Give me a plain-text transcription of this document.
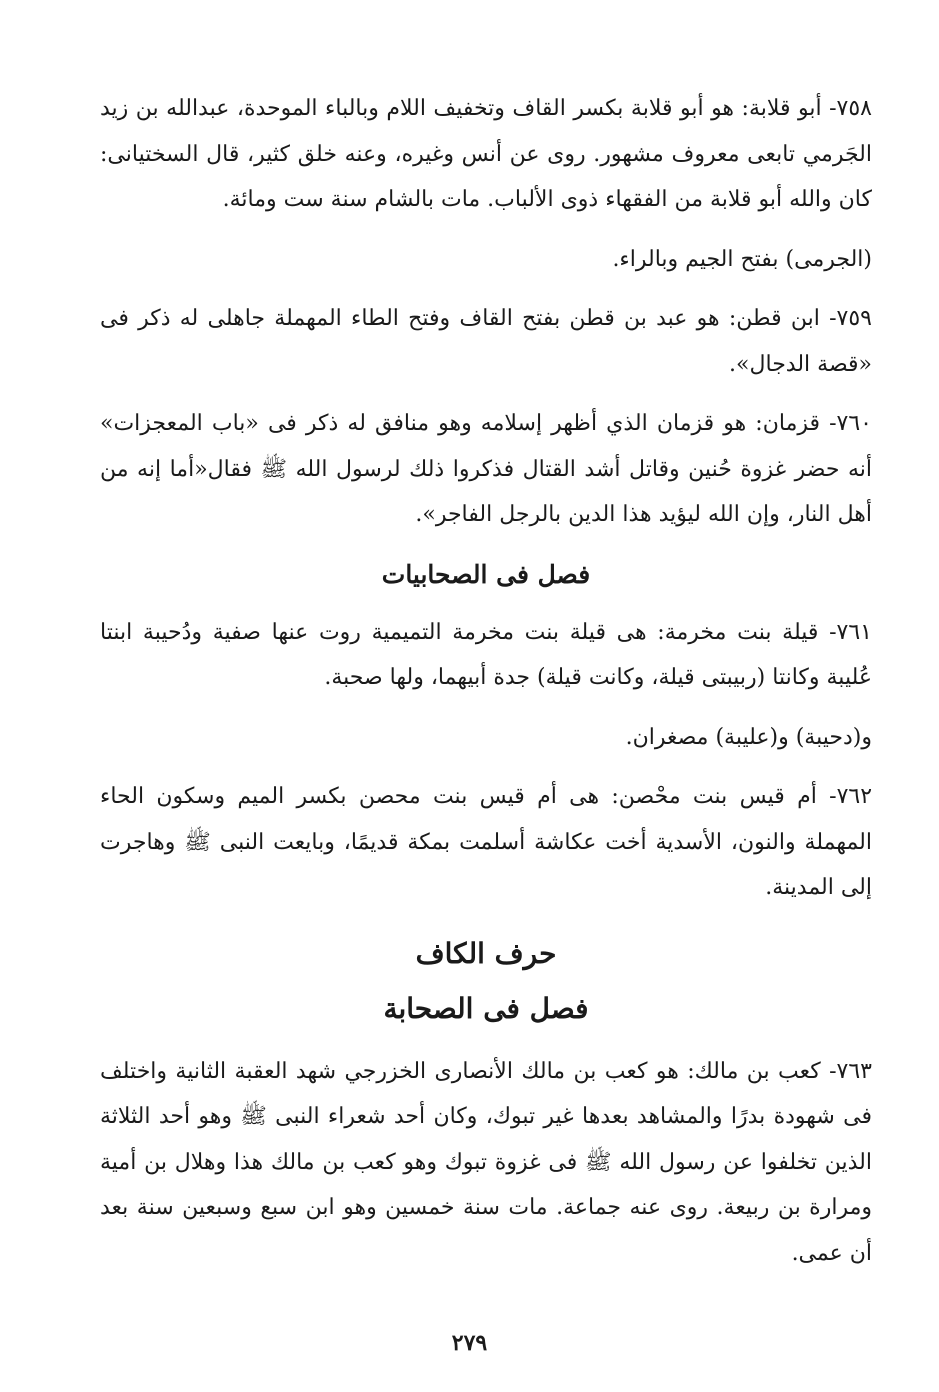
٧٥٨- أبو قلابة: هو أبو قلابة بكسر القاف وتخفيف اللام وبالباء الموحدة، عبدالله بن زيد الجَرمي تابعى معروف مشهور. روى عن أنس وغيره، وعنه خلق كثير، قال السختيانى: كان والله أبو قلابة من الفقهاء ذوى الألباب. مات بالشام سنة ست ومائة.

(الجرمى) بفتح الجيم وبالراء.

٧٥٩- ابن قطن: هو عبد بن قطن بفتح القاف وفتح الطاء المهملة جاهلى له ذكر فى «قصة الدجال».

٧٦٠- قزمان: هو قزمان الذي أظهر إسلامه وهو منافق له ذكر فى «باب المعجزات» أنه حضر غزوة حُنين وقاتل أشد القتال فذكروا ذلك لرسول الله ﷺ فقال«أما إنه من أهل النار، وإن الله ليؤيد هذا الدين بالرجل الفاجر».

فصل فى الصحابيات

٧٦١- قيلة بنت مخرمة: هى قيلة بنت مخرمة التميمية روت عنها صفية ودُحيبة ابنتا عُليبة وكانتا (ربيبتى قيلة، وكانت قيلة) جدة أبيهما، ولها صحبة.

و(دحيبة) و(عليبة) مصغران.

٧٦٢- أم قيس بنت محْصن: هى أم قيس بنت محصن بكسر الميم وسكون الحاء المهملة والنون، الأسدية أخت عكاشة أسلمت بمكة قديمًا، وبايعت النبى ﷺ وهاجرت إلى المدينة.

حرف الكاف
فصل فى الصحابة

٧٦٣- كعب بن مالك: هو كعب بن مالك الأنصارى الخزرجي شهد العقبة الثانية واختلف فى شهودة بدرًا والمشاهد بعدها غير تبوك، وكان أحد شعراء النبى ﷺ وهو أحد الثلاثة الذين تخلفوا عن رسول الله ﷺ فى غزوة تبوك وهو كعب بن مالك هذا وهلال بن أمية ومرارة بن ربيعة. روى عنه جماعة. مات سنة خمسين وهو ابن سبع وسبعين سنة بعد أن عمى.

٢٧٩
